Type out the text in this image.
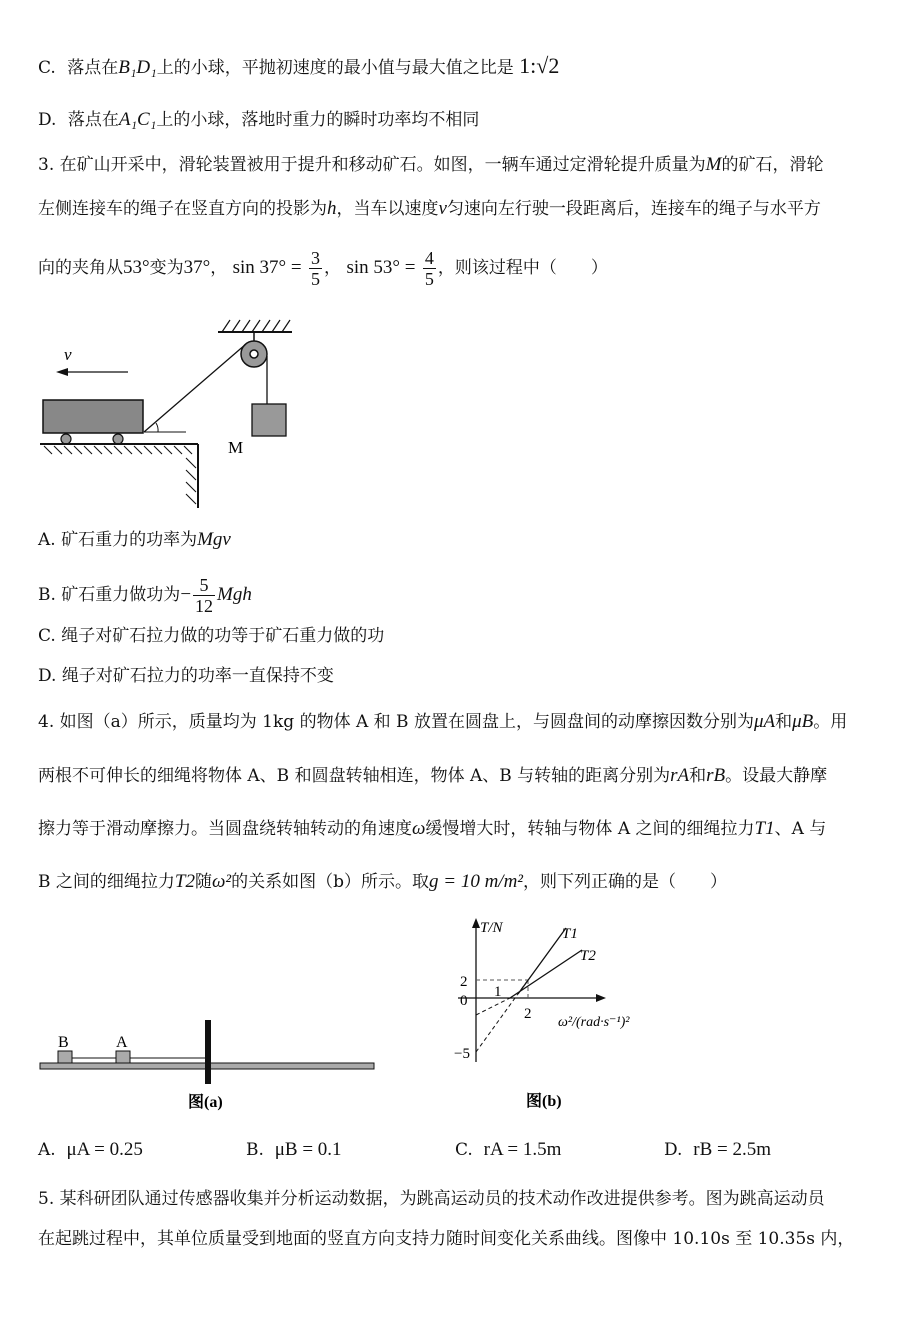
C. 落点在B₁D₁上的小球，平抛初速度的最小值与最大值之比是 1:√2
D. 落点在A₁C₁上的小球，落地时重力的瞬时功率均不相同
3. 在矿山开采中，滑轮装置被用于提升和移动矿石。如图，一辆车通过定滑轮提升质量为M的矿石，滑轮
左侧连接车的绳子在竖直方向的投影为h，当车以速度v匀速向左行驶一段距离后，连接车的绳子与水平方
向的夹角从53°变为37°， $\sin 37^\circ = \frac{3}{5}$ ， $\sin 53^\circ = \frac{4}{5}$ ，则该过程中（　　）
M
v
A. 矿石重力的功率为Mgv
B. 矿石重力做功为− $\frac{5}{12}$ Mgh
C. 绳子对矿石拉力做的功等于矿石重力做的功
D. 绳子对矿石拉力的功率一直保持不变
4. 如图（a）所示，质量均为 1kg 的物体 A 和 B 放置在圆盘上，与圆盘间的动摩擦因数分别为μA和μB。用
两根不可伸长的细绳将物体 A、B 和圆盘转轴相连，物体 A、B 与转轴的距离分别为rA和rB。设最大静摩
擦力等于滑动摩擦力。当圆盘绕转轴转动的角速度ω缓慢增大时，转轴与物体 A 之间的细绳拉力T1、A 与
B 之间的细绳拉力T2随ω²的关系如图（b）所示。取g = 10 m/m²，则下列正确的是（　　）
B	A
图(a)
T/N	T1
T2
2
0
1
2
−5
ω²/(rad·s⁻¹)²
图(b)
A. μA = 0.25	B. μB = 0.1	C. rA = 1.5m	D. rB = 2.5m
5. 某科研团队通过传感器收集并分析运动数据，为跳高运动员的技术动作改进提供参考。图为跳高运动员
在起跳过程中，其单位质量受到地面的竖直方向支持力随时间变化关系曲线。图像中 10.10s 至 10.35s 内，
